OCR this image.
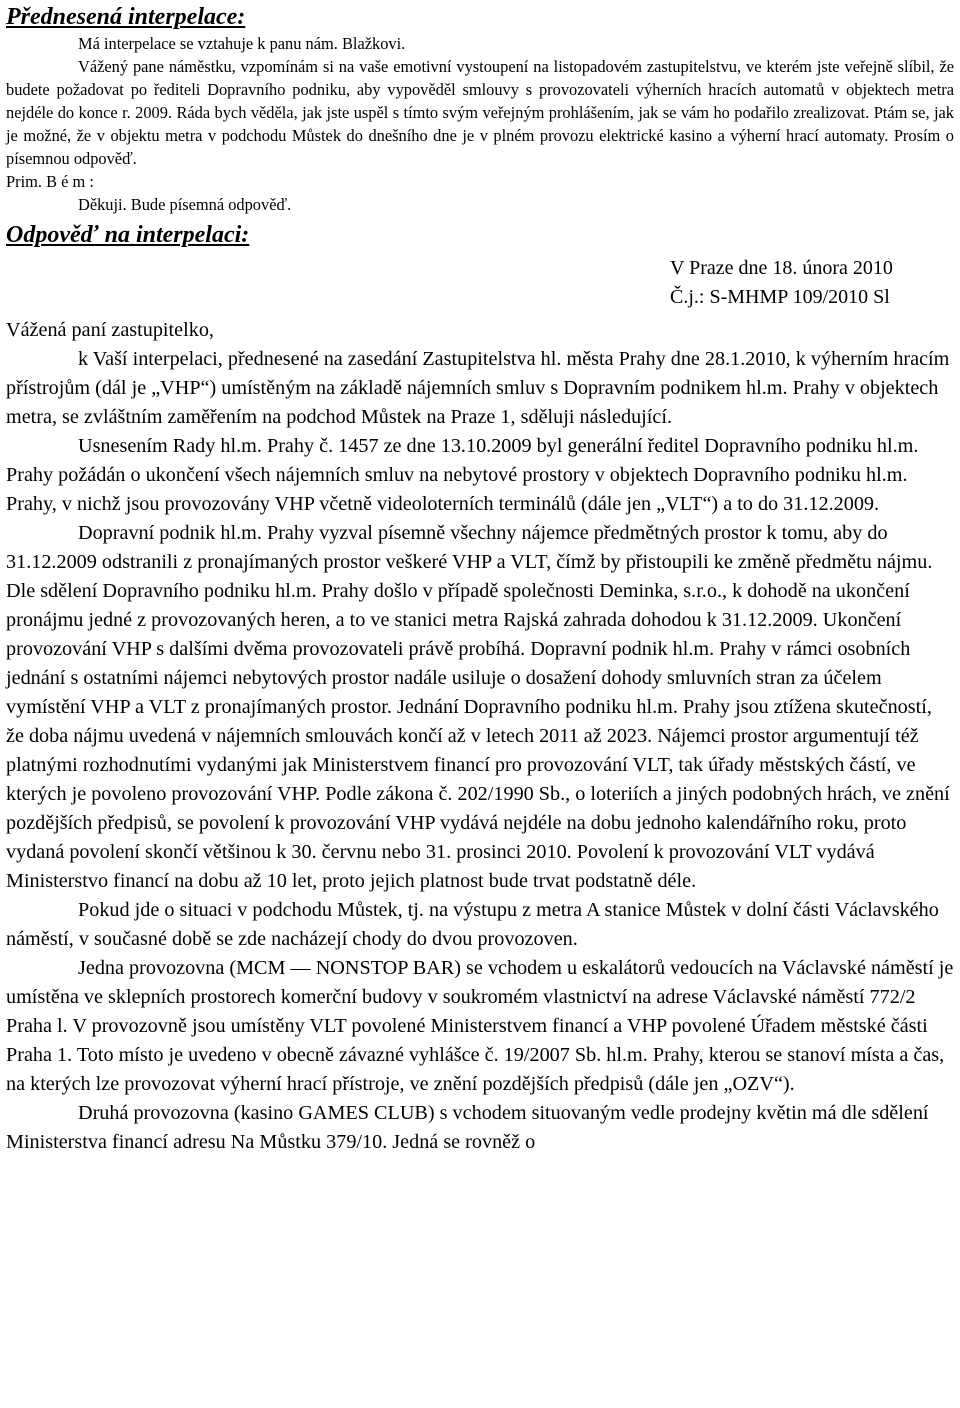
Přednesená interpelace:

Má interpelace se vztahuje k panu nám. Blažkovi.

Vážený pane náměstku, vzpomínám si na vaše emotivní vystoupení na listopadovém zastupitelstvu, ve kterém jste veřejně slíbil, že budete požadovat po řediteli Dopravního podniku, aby vypověděl smlouvy s provozovateli výherních hracích automatů v objektech metra nejdéle do konce r. 2009. Ráda bych věděla, jak jste uspěl s tímto svým veřejným prohlášením, jak se vám ho podařilo zrealizovat. Ptám se, jak je možné, že v objektu metra v podchodu Můstek do dnešního dne je v plném provozu elektrické kasino a výherní hrací automaty. Prosím o písemnou odpověď.

Prim. B é m :

Děkuji. Bude písemná odpověď.

Odpověď na interpelaci:
V Praze dne 18. února 2010
Č.j.: S-MHMP 109/2010 Sl

Vážená paní zastupitelko,

k Vaší interpelaci, přednesené na zasedání Zastupitelstva hl. města Prahy dne 28.1.2010, k výherním hracím přístrojům (dál je „VHP“) umístěným na základě nájemních smluv s Dopravním podnikem hl.m. Prahy v objektech metra, se zvláštním zaměřením na podchod Můstek na Praze 1, sděluji následující.

Usnesením Rady hl.m. Prahy č. 1457 ze dne 13.10.2009 byl generální ředitel Dopravního podniku hl.m. Prahy požádán o ukončení všech nájemních smluv na nebytové prostory v objektech Dopravního podniku hl.m. Prahy, v nichž jsou provozovány VHP včetně videoloterních terminálů (dále jen „VLT“) a to do 31.12.2009.

Dopravní podnik hl.m. Prahy vyzval písemně všechny nájemce předmětných prostor k tomu, aby do 31.12.2009 odstranili z pronajímaných prostor veškeré VHP a VLT, čímž by přistoupili ke změně předmětu nájmu. Dle sdělení Dopravního podniku hl.m. Prahy došlo v případě společnosti Deminka, s.r.o., k dohodě na ukončení pronájmu jedné z provozovaných heren, a to ve stanici metra Rajská zahrada dohodou k 31.12.2009. Ukončení provozování VHP s dalšími dvěma provozovateli právě probíhá. Dopravní podnik hl.m. Prahy v rámci osobních jednání s ostatními nájemci nebytových prostor nadále usiluje o dosažení dohody smluvních stran za účelem vymístění VHP a VLT z pronajímaných prostor. Jednání Dopravního podniku hl.m. Prahy jsou ztížena skutečností, že doba nájmu uvedená v nájemních smlouvách končí až v letech 2011 až 2023. Nájemci prostor argumentují též platnými rozhodnutími vydanými jak Ministerstvem financí pro provozování VLT, tak úřady městských částí, ve kterých je povoleno provozování VHP. Podle zákona č. 202/1990 Sb., o loteriích a jiných podobných hrách, ve znění pozdějších předpisů, se povolení k provozování VHP vydává nejdéle na dobu jednoho kalendářního roku, proto vydaná povolení skončí většinou k 30. červnu nebo 31. prosinci 2010. Povolení k provozování VLT vydává Ministerstvo financí na dobu až 10 let, proto jejich platnost bude trvat podstatně déle.

Pokud jde o situaci v podchodu Můstek, tj. na výstupu z metra A stanice Můstek v dolní části Václavského náměstí, v současné době se zde nacházejí chody do dvou provozoven.

Jedna provozovna (MCM — NONSTOP BAR) se vchodem u eskalátorů vedoucích na Václavské náměstí je umístěna ve sklepních prostorech komerční budovy v soukromém vlastnictví na adrese Václavské náměstí 772/2 Praha l. V provozovně jsou umístěny VLT povolené Ministerstvem financí a VHP povolené Úřadem městské části Praha 1. Toto místo je uvedeno v obecně závazné vyhlášce č. 19/2007 Sb. hl.m. Prahy, kterou se stanoví místa a čas, na kterých lze provozovat výherní hrací přístroje, ve znění pozdějších předpisů (dále jen „OZV“).

Druhá provozovna (kasino GAMES CLUB) s vchodem situovaným vedle prodejny květin má dle sdělení Ministerstva financí adresu Na Můstku 379/10. Jedná se rovněž o
